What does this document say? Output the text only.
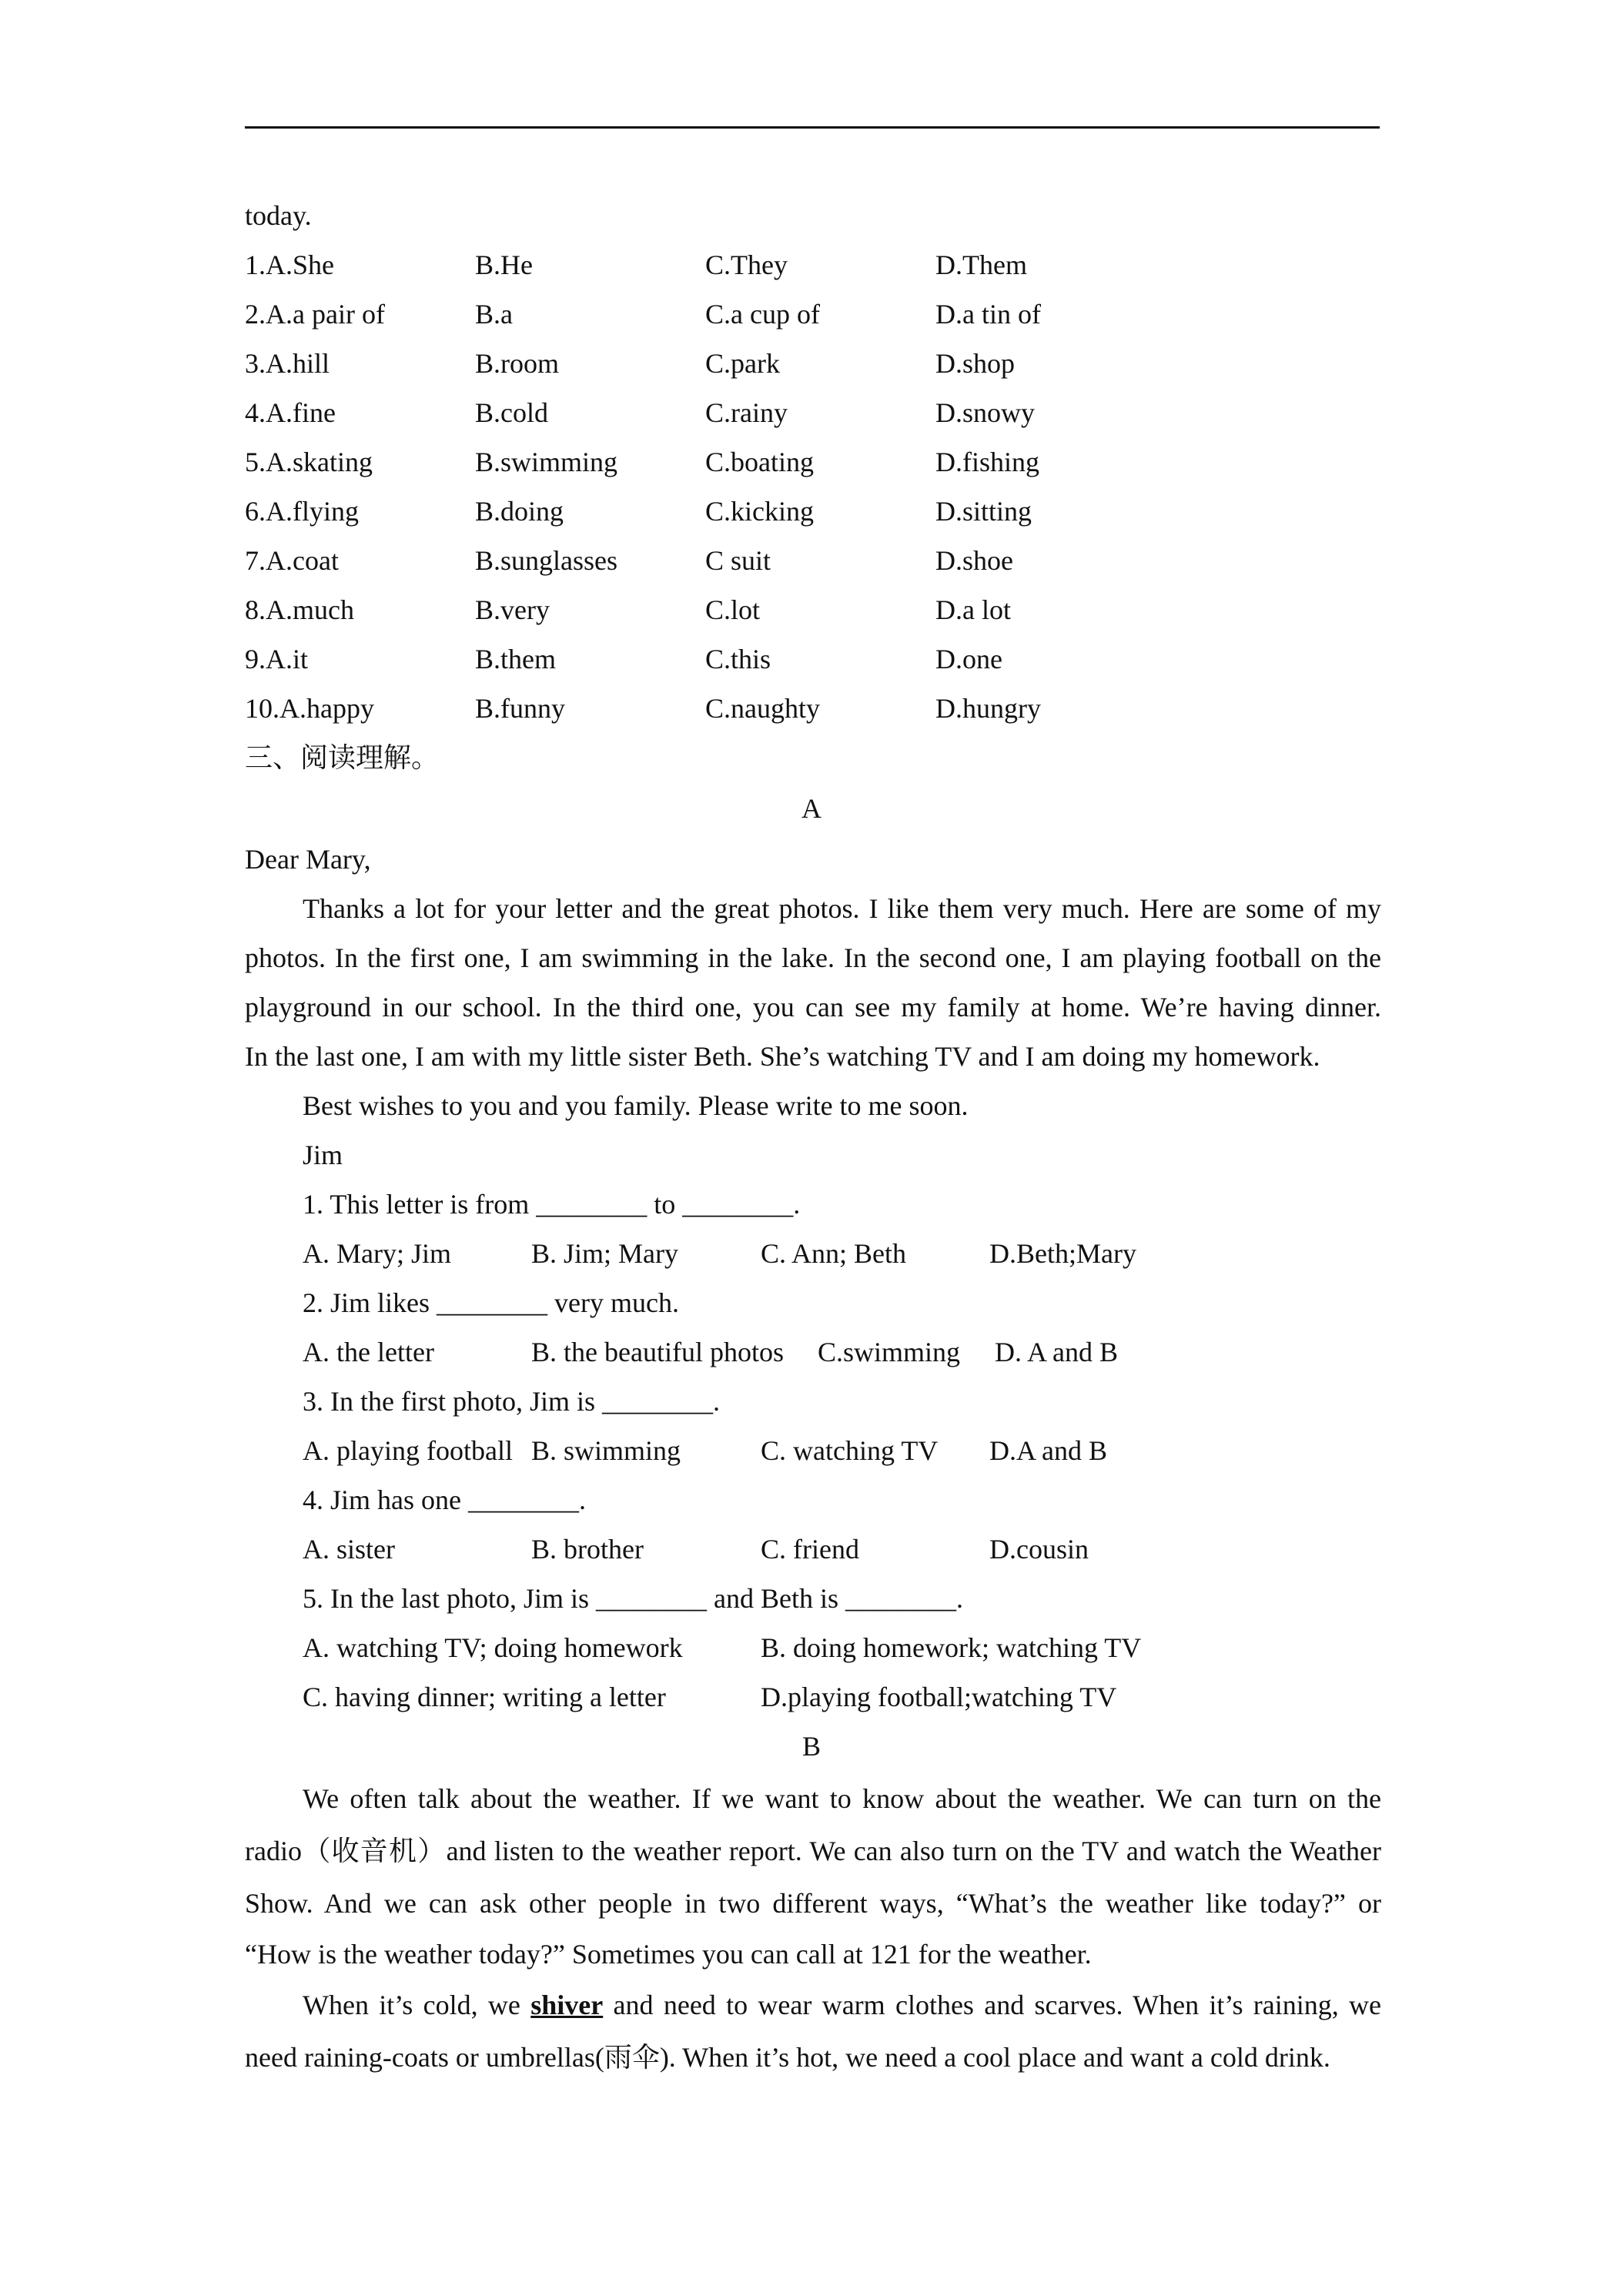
today.
1.A.She	B.He	C.They	D.Them
2.A.a pair of	B.a	C.a cup of	D.a tin of
3.A.hill	B.room	C.park	D.shop
4.A.fine	B.cold	C.rainy	D.snowy
5.A.skating	B.swimming	C.boating	D.fishing
6.A.flying	B.doing	C.kicking	D.sitting
7.A.coat	B.sunglasses	C suit	D.shoe
8.A.much	B.very	C.lot	D.a lot
9.A.it	B.them	C.this	D.one
10.A.happy	B.funny	C.naughty	D.hungry
三、阅读理解。
A
Dear Mary,
Thanks a lot for your letter and the great photos. I like them very much. Here are some of my
photos. In the first one, I am swimming in the lake. In the second one, I am playing football on the
playground in our school. In the third one, you can see my family at home. We’re having dinner.
In the last one, I am with my little sister Beth. She’s watching TV and I am doing my homework.
Best wishes to you and you family. Please write to me soon.
Jim
1. This letter is from ________ to ________.
A. Mary; Jim	B. Jim; Mary	C. Ann; Beth	D.Beth;Mary
2. Jim likes ________ very much.
A. the letter	B. the beautiful photos C.swimming D. A and B
3. In the first photo, Jim is ________.
A. playing football B. swimming	C. watching TV D.A and B
4. Jim has one ________.
A. sister	B. brother	C. friend	D.cousin
5. In the last photo, Jim is ________ and Beth is ________.
A. watching TV; doing homework	B. doing homework; watching TV
C. having dinner; writing a letter	D.playing football;watching TV
B
We often talk about the weather. If we want to know about the weather. We can turn on the
radio（收音机）and listen to the weather report. We can also turn on the TV and watch the Weather
Show. And we can ask other people in two different ways, “What’s the weather like today?” or
“How is the weather today?” Sometimes you can call at 121 for the weather.
When it’s cold, we shiver and need to wear warm clothes and scarves. When it’s raining, we
need raining-coats or umbrellas(雨伞). When it’s hot, we need a cool place and want a cold drink.
